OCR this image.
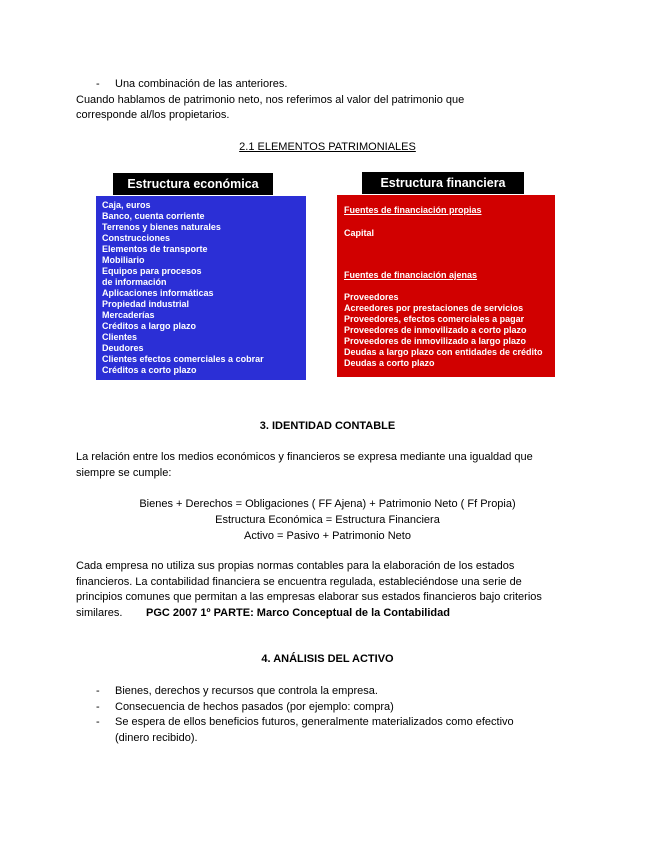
- Una combinación de las anteriores.
Cuando hablamos de patrimonio neto, nos referimos al valor del patrimonio que
corresponde al/los propietarios.
2.1 ELEMENTOS PATRIMONIALES
Estructura económica
Caja, euros
Banco, cuenta corriente
Terrenos y bienes naturales
Construcciones
Elementos de transporte
Mobiliario
Equipos para procesos
de información
Aplicaciones informáticas
Propiedad industrial
Mercaderías
Créditos a largo plazo
Clientes
Deudores
Clientes efectos comerciales a cobrar
Créditos a corto plazo
Estructura financiera
Fuentes de financiación propias
Capital
Fuentes de financiación ajenas
Proveedores
Acreedores por prestaciones de servicios
Proveedores, efectos comerciales a pagar
Proveedores de inmovilizado a corto plazo
Proveedores de inmovilizado a largo plazo
Deudas a largo plazo con entidades de crédito
Deudas a corto plazo
3. IDENTIDAD CONTABLE
La relación entre los medios económicos y financieros se expresa mediante una igualdad que
siempre se cumple:
Bienes + Derechos = Obligaciones ( FF Ajena) + Patrimonio Neto ( Ff Propia)
Estructura Económica = Estructura Financiera
Activo = Pasivo + Patrimonio Neto
Cada empresa no utiliza sus propias normas contables para la elaboración de los estados
financieros. La contabilidad financiera se encuentra regulada, estableciéndose una serie de
principios comunes que permitan a las empresas elaborar sus estados financieros bajo criterios
similares. PGC 2007 1º PARTE: Marco Conceptual de la Contabilidad
4. ANÁLISIS DEL ACTIVO
- Bienes, derechos y recursos que controla la empresa.
- Consecuencia de hechos pasados (por ejemplo: compra)
- Se espera de ellos beneficios futuros, generalmente materializados como efectivo
(dinero recibido).
